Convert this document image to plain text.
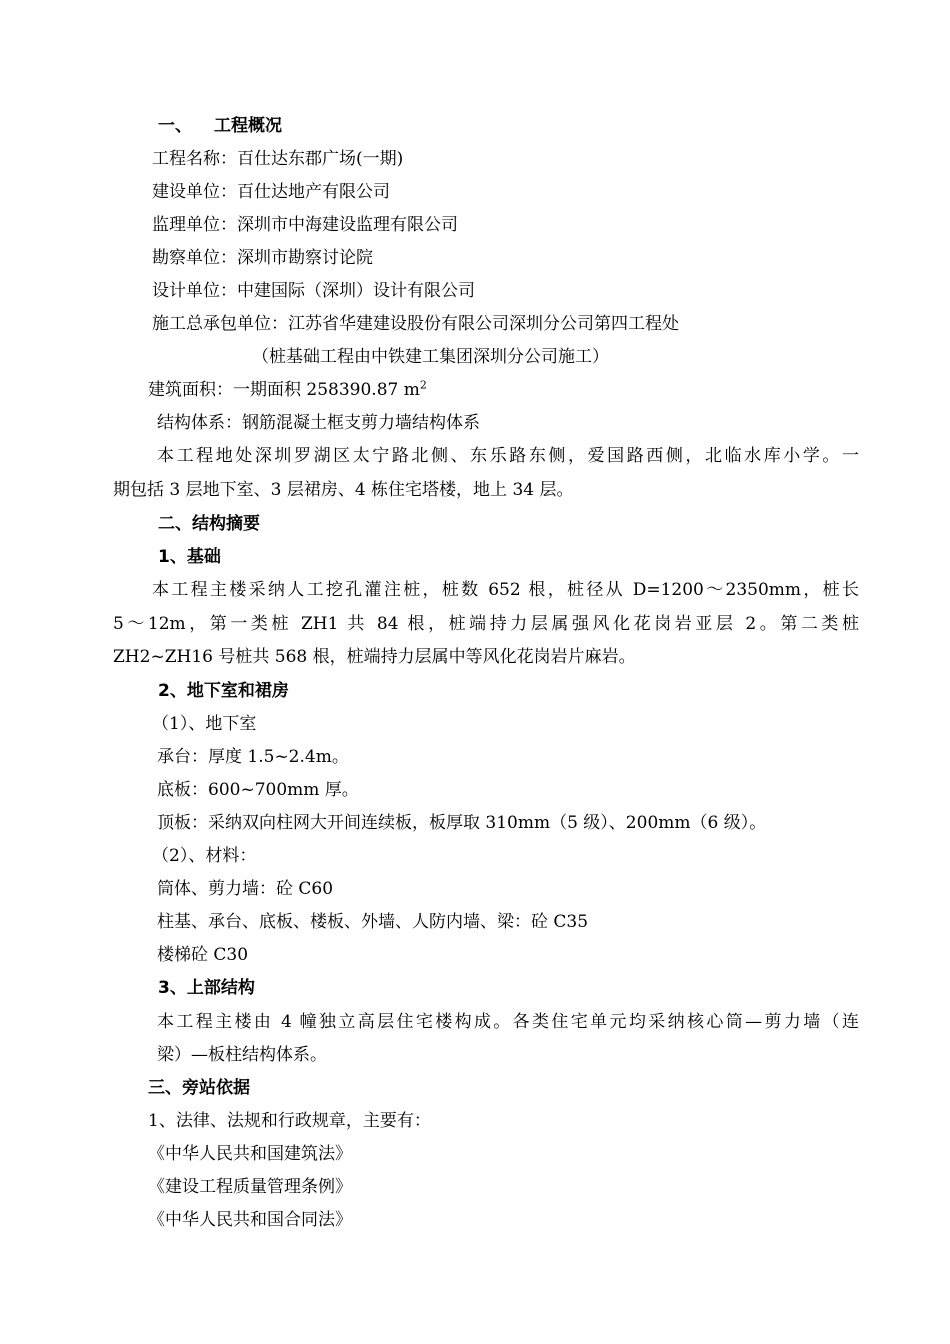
一、 工程概况
工程名称：百仕达东郡广场(一期)
建设单位：百仕达地产有限公司
监理单位：深圳市中海建设监理有限公司
勘察单位：深圳市勘察讨论院
设计单位：中建国际（深圳）设计有限公司
施工总承包单位：江苏省华建建设股份有限公司深圳分公司第四工程处
（桩基础工程由中铁建工集团深圳分公司施工）
建筑面积：一期面积 258390.87 $m^2$
结构体系：钢筋混凝土框支剪力墙结构体系
本工程地处深圳罗湖区太宁路北侧、东乐路东侧，爱国路西侧，北临水库小学。一
期包括 3 层地下室、3 层裙房、4 栋住宅塔楼，地上 34 层。
二、结构摘要
1、基础
本工程主楼采纳人工挖孔灌注桩，桩数 652 根，桩径从 D=1200～2350mm，桩长
5～12m，第一类桩 ZH1 共 84 根，桩端持力层属强风化花岗岩亚层 2。第二类桩
ZH2~ZH16 号桩共 568 根，桩端持力层属中等风化花岗岩片麻岩。
2、地下室和裙房
（1）、地下室
承台：厚度 1.5~2.4m。
底板：600~700mm 厚。
顶板：采纳双向柱网大开间连续板，板厚取 310mm（5 级）、200mm（6 级）。
（2）、材料：
筒体、剪力墙：砼 C60
柱基、承台、底板、楼板、外墙、人防内墙、梁：砼 C35
楼梯砼 C30
3、上部结构
本工程主楼由 4 幢独立高层住宅楼构成。各类住宅单元均采纳核心筒—剪力墙（连
梁）—板柱结构体系。
三、旁站依据
1、法律、法规和行政规章，主要有：
《中华人民共和国建筑法》
《建设工程质量管理条例》
《中华人民共和国合同法》
